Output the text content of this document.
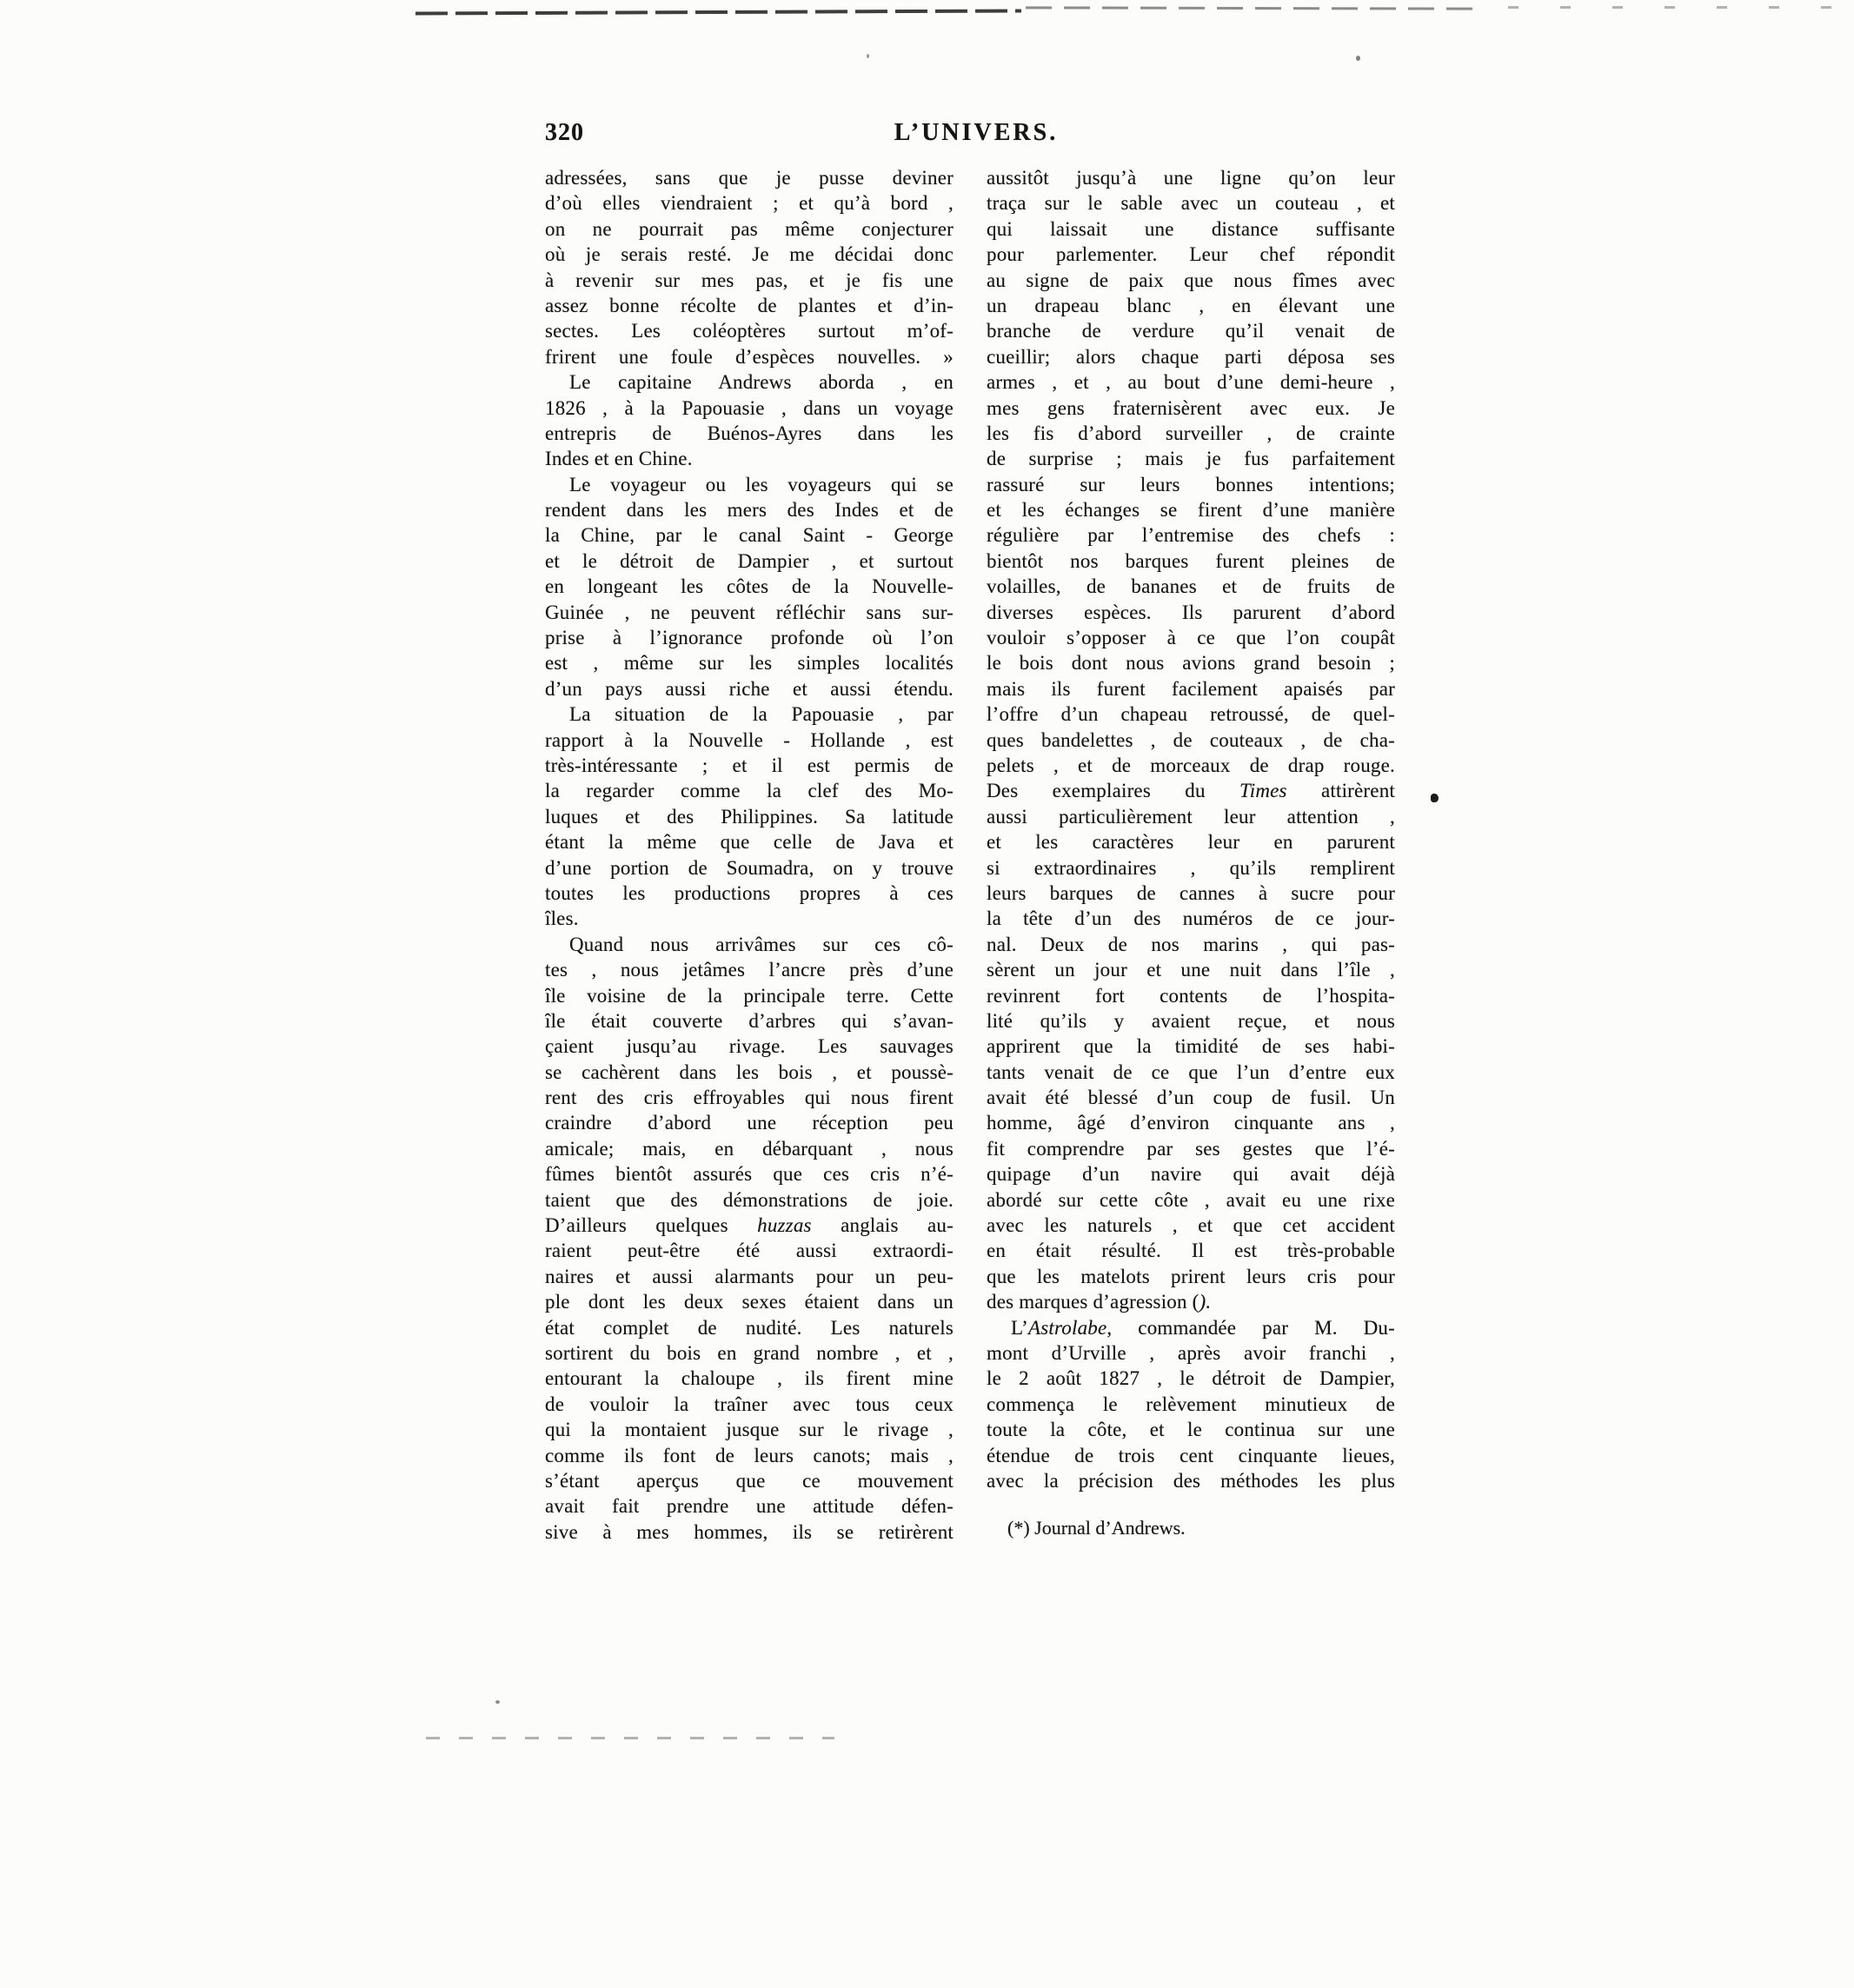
320	L’UNIVERS.
adressées, sans que je pusse deviner
d’où elles viendraient ; et qu’à bord ,
on ne pourrait pas même conjecturer
où je serais resté. Je me décidai donc
à revenir sur mes pas, et je fis une
assez bonne récolte de plantes et d’in-
sectes. Les coléoptères surtout m’of-
frirent une foule d’espèces nouvelles. »
Le capitaine Andrews aborda , en
1826 , à la Papouasie , dans un voyage
entrepris de Buénos-Ayres dans les
Indes et en Chine.
Le voyageur ou les voyageurs qui se
rendent dans les mers des Indes et de
la Chine, par le canal Saint - George
et le détroit de Dampier , et surtout
en longeant les côtes de la Nouvelle-
Guinée , ne peuvent réfléchir sans sur-
prise à l’ignorance profonde où l’on
est , même sur les simples localités
d’un pays aussi riche et aussi étendu.
La situation de la Papouasie , par
rapport à la Nouvelle - Hollande , est
très-intéressante ; et il est permis de
la regarder comme la clef des Mo-
luques et des Philippines. Sa latitude
étant la même que celle de Java et
d’une portion de Soumadra, on y trouve
toutes les productions propres à ces
îles.
Quand nous arrivâmes sur ces cô-
tes , nous jetâmes l’ancre près d’une
île voisine de la principale terre. Cette
île était couverte d’arbres qui s’avan-
çaient jusqu’au rivage. Les sauvages
se cachèrent dans les bois , et poussè-
rent des cris effroyables qui nous firent
craindre d’abord une réception peu
amicale; mais, en débarquant , nous
fûmes bientôt assurés que ces cris n’é-
taient que des démonstrations de joie.
D’ailleurs quelques huzzas anglais au-
raient peut-être été aussi extraordi-
naires et aussi alarmants pour un peu-
ple dont les deux sexes étaient dans un
état complet de nudité. Les naturels
sortirent du bois en grand nombre , et ,
entourant la chaloupe , ils firent mine
de vouloir la traîner avec tous ceux
qui la montaient jusque sur le rivage ,
comme ils font de leurs canots; mais ,
s’étant aperçus que ce mouvement
avait fait prendre une attitude défen-
sive à mes hommes, ils se retirèrent
aussitôt jusqu’à une ligne qu’on leur
traça sur le sable avec un couteau , et
qui laissait une distance suffisante
pour parlementer. Leur chef répondit
au signe de paix que nous fîmes avec
un drapeau blanc , en élevant une
branche de verdure qu’il venait de
cueillir; alors chaque parti déposa ses
armes , et , au bout d’une demi-heure ,
mes gens fraternisèrent avec eux. Je
les fis d’abord surveiller , de crainte
de surprise ; mais je fus parfaitement
rassuré sur leurs bonnes intentions;
et les échanges se firent d’une manière
régulière par l’entremise des chefs :
bientôt nos barques furent pleines de
volailles, de bananes et de fruits de
diverses espèces. Ils parurent d’abord
vouloir s’opposer à ce que l’on coupât
le bois dont nous avions grand besoin ;
mais ils furent facilement apaisés par
l’offre d’un chapeau retroussé, de quel-
ques bandelettes , de couteaux , de cha-
pelets , et de morceaux de drap rouge.
Des exemplaires du Times attirèrent
aussi particulièrement leur attention ,
et les caractères leur en parurent
si extraordinaires , qu’ils remplirent
leurs barques de cannes à sucre pour
la tête d’un des numéros de ce jour-
nal. Deux de nos marins , qui pas-
sèrent un jour et une nuit dans l’île ,
revinrent fort contents de l’hospita-
lité qu’ils y avaient reçue, et nous
apprirent que la timidité de ses habi-
tants venait de ce que l’un d’entre eux
avait été blessé d’un coup de fusil. Un
homme, âgé d’environ cinquante ans ,
fit comprendre par ses gestes que l’é-
quipage d’un navire qui avait déjà
abordé sur cette côte , avait eu une rixe
avec les naturels , et que cet accident
en était résulté. Il est très-probable
que les matelots prirent leurs cris pour
des marques d’agression ().
L’Astrolabe, commandée par M. Du-
mont d’Urville , après avoir franchi ,
le 2 août 1827 , le détroit de Dampier,
commença le relèvement minutieux de
toute la côte, et le continua sur une
étendue de trois cent cinquante lieues,
avec la précision des méthodes les plus
(*) Journal d’Andrews.
